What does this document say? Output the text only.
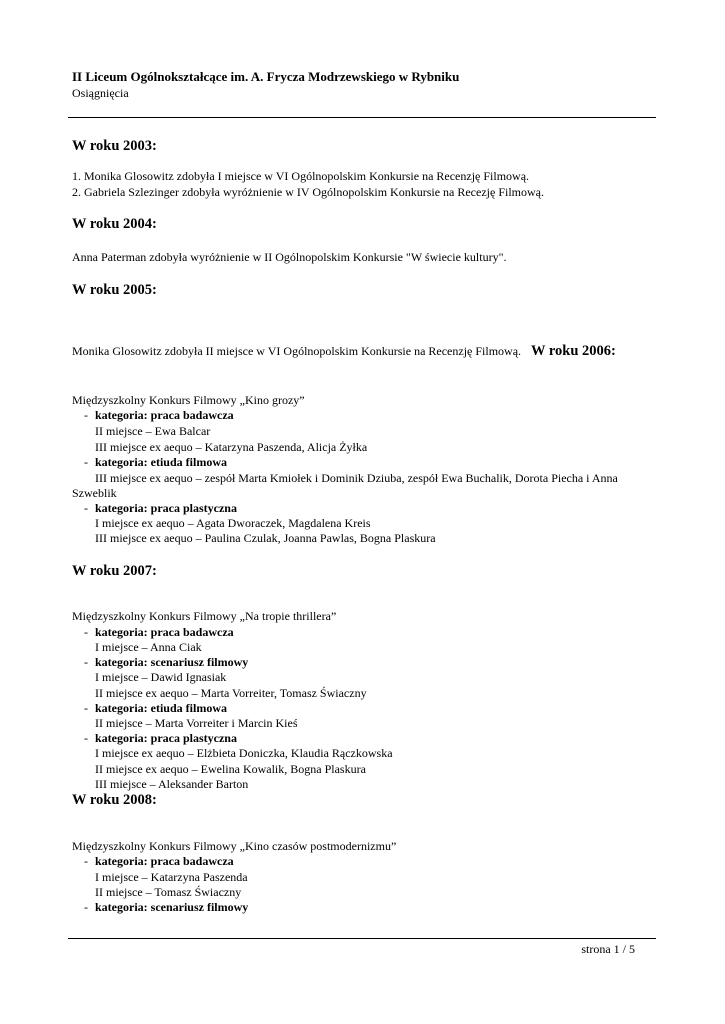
II Liceum Ogólnokształcące im. A. Frycza Modrzewskiego w Rybniku
Osiągnięcia
W roku 2003:
1. Monika Glosowitz zdobyła I miejsce w VI Ogólnopolskim Konkursie na Recenzję Filmową.
2. Gabriela Szlezinger zdobyła wyróżnienie w IV Ogólnopolskim Konkursie na Recezję Filmową.
W roku 2004:
Anna Paterman zdobyła wyróżnienie w II Ogólnopolskim Konkursie "W świecie kultury".
W roku 2005:
Monika Glosowitz zdobyła II miejsce w VI Ogólnopolskim Konkursie na Recenzję Filmową. W roku 2006:
Międzyszkolny Konkurs Filmowy „Kino grozy”
- kategoria: praca badawcza
II miejsce – Ewa Balcar
III miejsce ex aequo – Katarzyna Paszenda, Alicja Żyłka
- kategoria: etiuda filmowa
III miejsce ex aequo – zespół Marta Kmiołek i Dominik Dziuba, zespół Ewa Buchalik, Dorota Piecha i Anna
Szweblik
- kategoria: praca plastyczna
I miejsce ex aequo – Agata Dworaczek, Magdalena Kreis
III miejsce ex aequo – Paulina Czulak, Joanna Pawlas, Bogna Plaskura
W roku 2007:
Międzyszkolny Konkurs Filmowy „Na tropie thrillera”
- kategoria: praca badawcza
I miejsce – Anna Ciak
- kategoria: scenariusz filmowy
I miejsce – Dawid Ignasiak
II miejsce ex aequo – Marta Vorreiter, Tomasz Świaczny
- kategoria: etiuda filmowa
II miejsce – Marta Vorreiter i Marcin Kieś
- kategoria: praca plastyczna
I miejsce ex aequo – Elżbieta Doniczka, Klaudia Rączkowska
II miejsce ex aequo – Ewelina Kowalik, Bogna Plaskura
III miejsce – Aleksander Barton
W roku 2008:
Międzyszkolny Konkurs Filmowy „Kino czasów postmodernizmu”
- kategoria: praca badawcza
I miejsce – Katarzyna Paszenda
II miejsce – Tomasz Świaczny
- kategoria: scenariusz filmowy
strona 1 / 5
